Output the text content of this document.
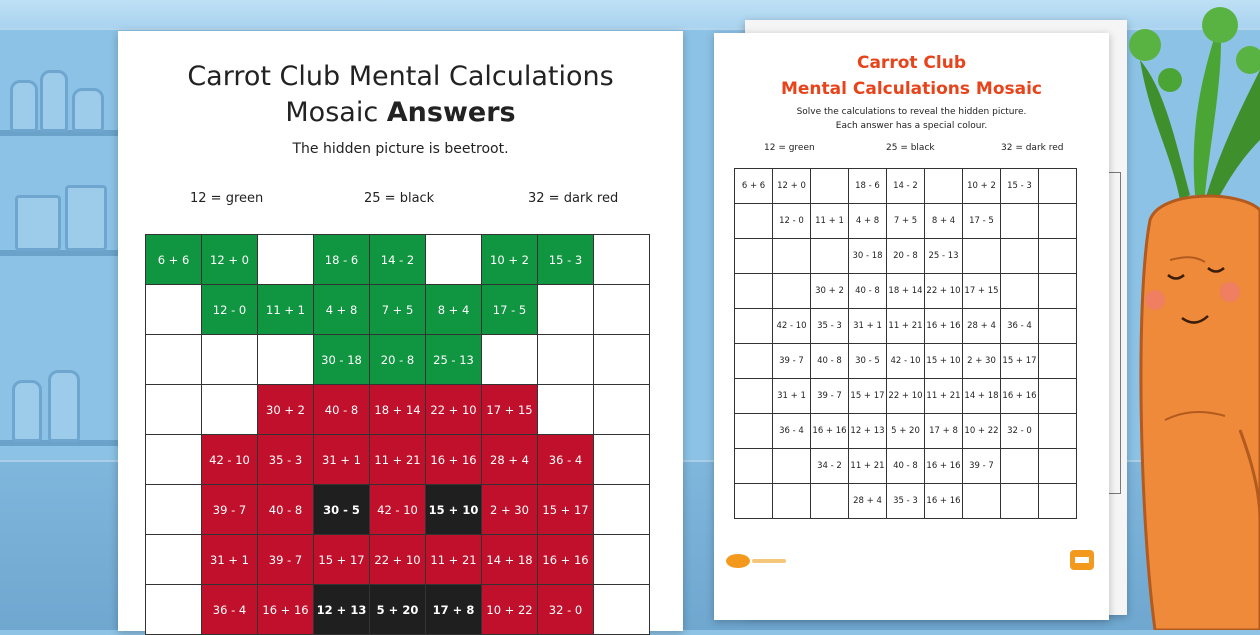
Carrot Club Mental Calculations
Mosaic Answers
The hidden picture is beetroot.
12 = green	25 = black	32 = dark red
6 + 6	12 + 0		18 - 6	14 - 2		10 + 2	15 - 3	
	12 - 0	11 + 1	4 + 8	7 + 5	8 + 4	17 - 5		
			30 - 18	20 - 8	25 - 13			
		30 + 2	40 - 8	18 + 14	22 + 10	17 + 15		
	42 - 10	35 - 3	31 + 1	11 + 21	16 + 16	28 + 4	36 - 4	
	39 - 7	40 - 8	30 - 5	42 - 10	15 + 10	2 + 30	15 + 17	
	31 + 1	39 - 7	15 + 17	22 + 10	11 + 21	14 + 18	16 + 16	
	36 - 4	16 + 16	12 + 13	5 + 20	17 + 8	10 + 22	32 - 0	
Carrot Club
Mental Calculations Mosaic
Solve the calculations to reveal the hidden picture.
Each answer has a special colour.
12 = green	25 = black	32 = dark red
6 + 6	12 + 0		18 - 6	14 - 2		10 + 2	15 - 3	
	12 - 0	11 + 1	4 + 8	7 + 5	8 + 4	17 - 5		
			30 - 18	20 - 8	25 - 13			
		30 + 2	40 - 8	18 + 14	22 + 10	17 + 15		
	42 - 10	35 - 3	31 + 1	11 + 21	16 + 16	28 + 4	36 - 4	
	39 - 7	40 - 8	30 - 5	42 - 10	15 + 10	2 + 30	15 + 17	
	31 + 1	39 - 7	15 + 17	22 + 10	11 + 21	14 + 18	16 + 16	
	36 - 4	16 + 16	12 + 13	5 + 20	17 + 8	10 + 22	32 - 0	
		34 - 2	11 + 21	40 - 8	16 + 16	39 - 7		
			28 + 4	35 - 3	16 + 16			
